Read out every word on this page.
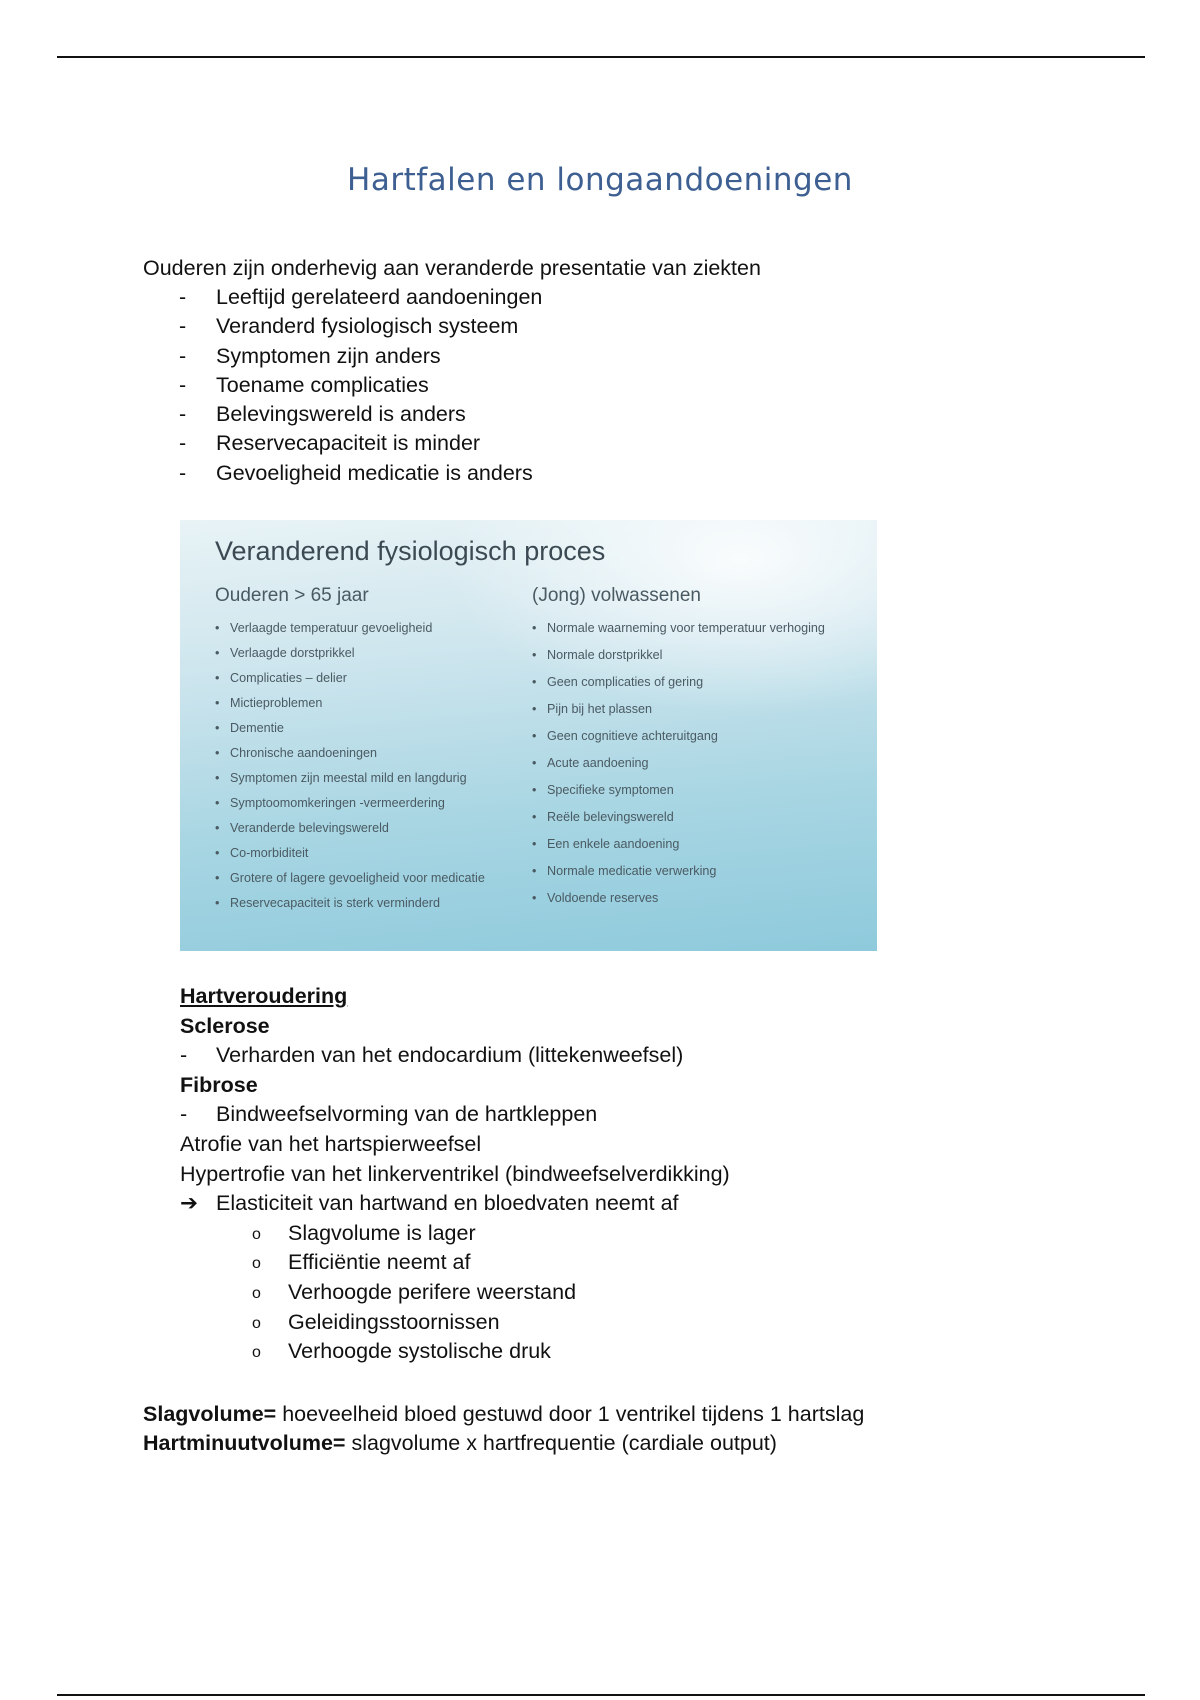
Hartfalen en longaandoeningen
Ouderen zijn onderhevig aan veranderde presentatie van ziekten
- Leeftijd gerelateerd aandoeningen
- Veranderd fysiologisch systeem
- Symptomen zijn anders
- Toename complicaties
- Belevingswereld is anders
- Reservecapaciteit is minder
- Gevoeligheid medicatie is anders
Veranderend fysiologisch proces
Ouderen > 65 jaar
• Verlaagde temperatuur gevoeligheid
• Verlaagde dorstprikkel
• Complicaties – delier
• Mictieproblemen
• Dementie
• Chronische aandoeningen
• Symptomen zijn meestal mild en langdurig
• Symptoomomkeringen -vermeerdering
• Veranderde belevingswereld
• Co-morbiditeit
• Grotere of lagere gevoeligheid voor medicatie
• Reservecapaciteit is sterk verminderd
(Jong) volwassenen
• Normale waarneming voor temperatuur verhoging
• Normale dorstprikkel
• Geen complicaties of gering
• Pijn bij het plassen
• Geen cognitieve achteruitgang
• Acute aandoening
• Specifieke symptomen
• Reële belevingswereld
• Een enkele aandoening
• Normale medicatie verwerking
• Voldoende reserves
Hartveroudering
Sclerose
- Verharden van het endocardium (littekenweefsel)
Fibrose
- Bindweefselvorming van de hartkleppen
Atrofie van het hartspierweefsel
Hypertrofie van het linkerventrikel (bindweefselverdikking)
➔ Elasticiteit van hartwand en bloedvaten neemt af
o Slagvolume is lager
o Efficiëntie neemt af
o Verhoogde perifere weerstand
o Geleidingsstoornissen
o Verhoogde systolische druk
Slagvolume= hoeveelheid bloed gestuwd door 1 ventrikel tijdens 1 hartslag
Hartminuutvolume= slagvolume x hartfrequentie (cardiale output)
